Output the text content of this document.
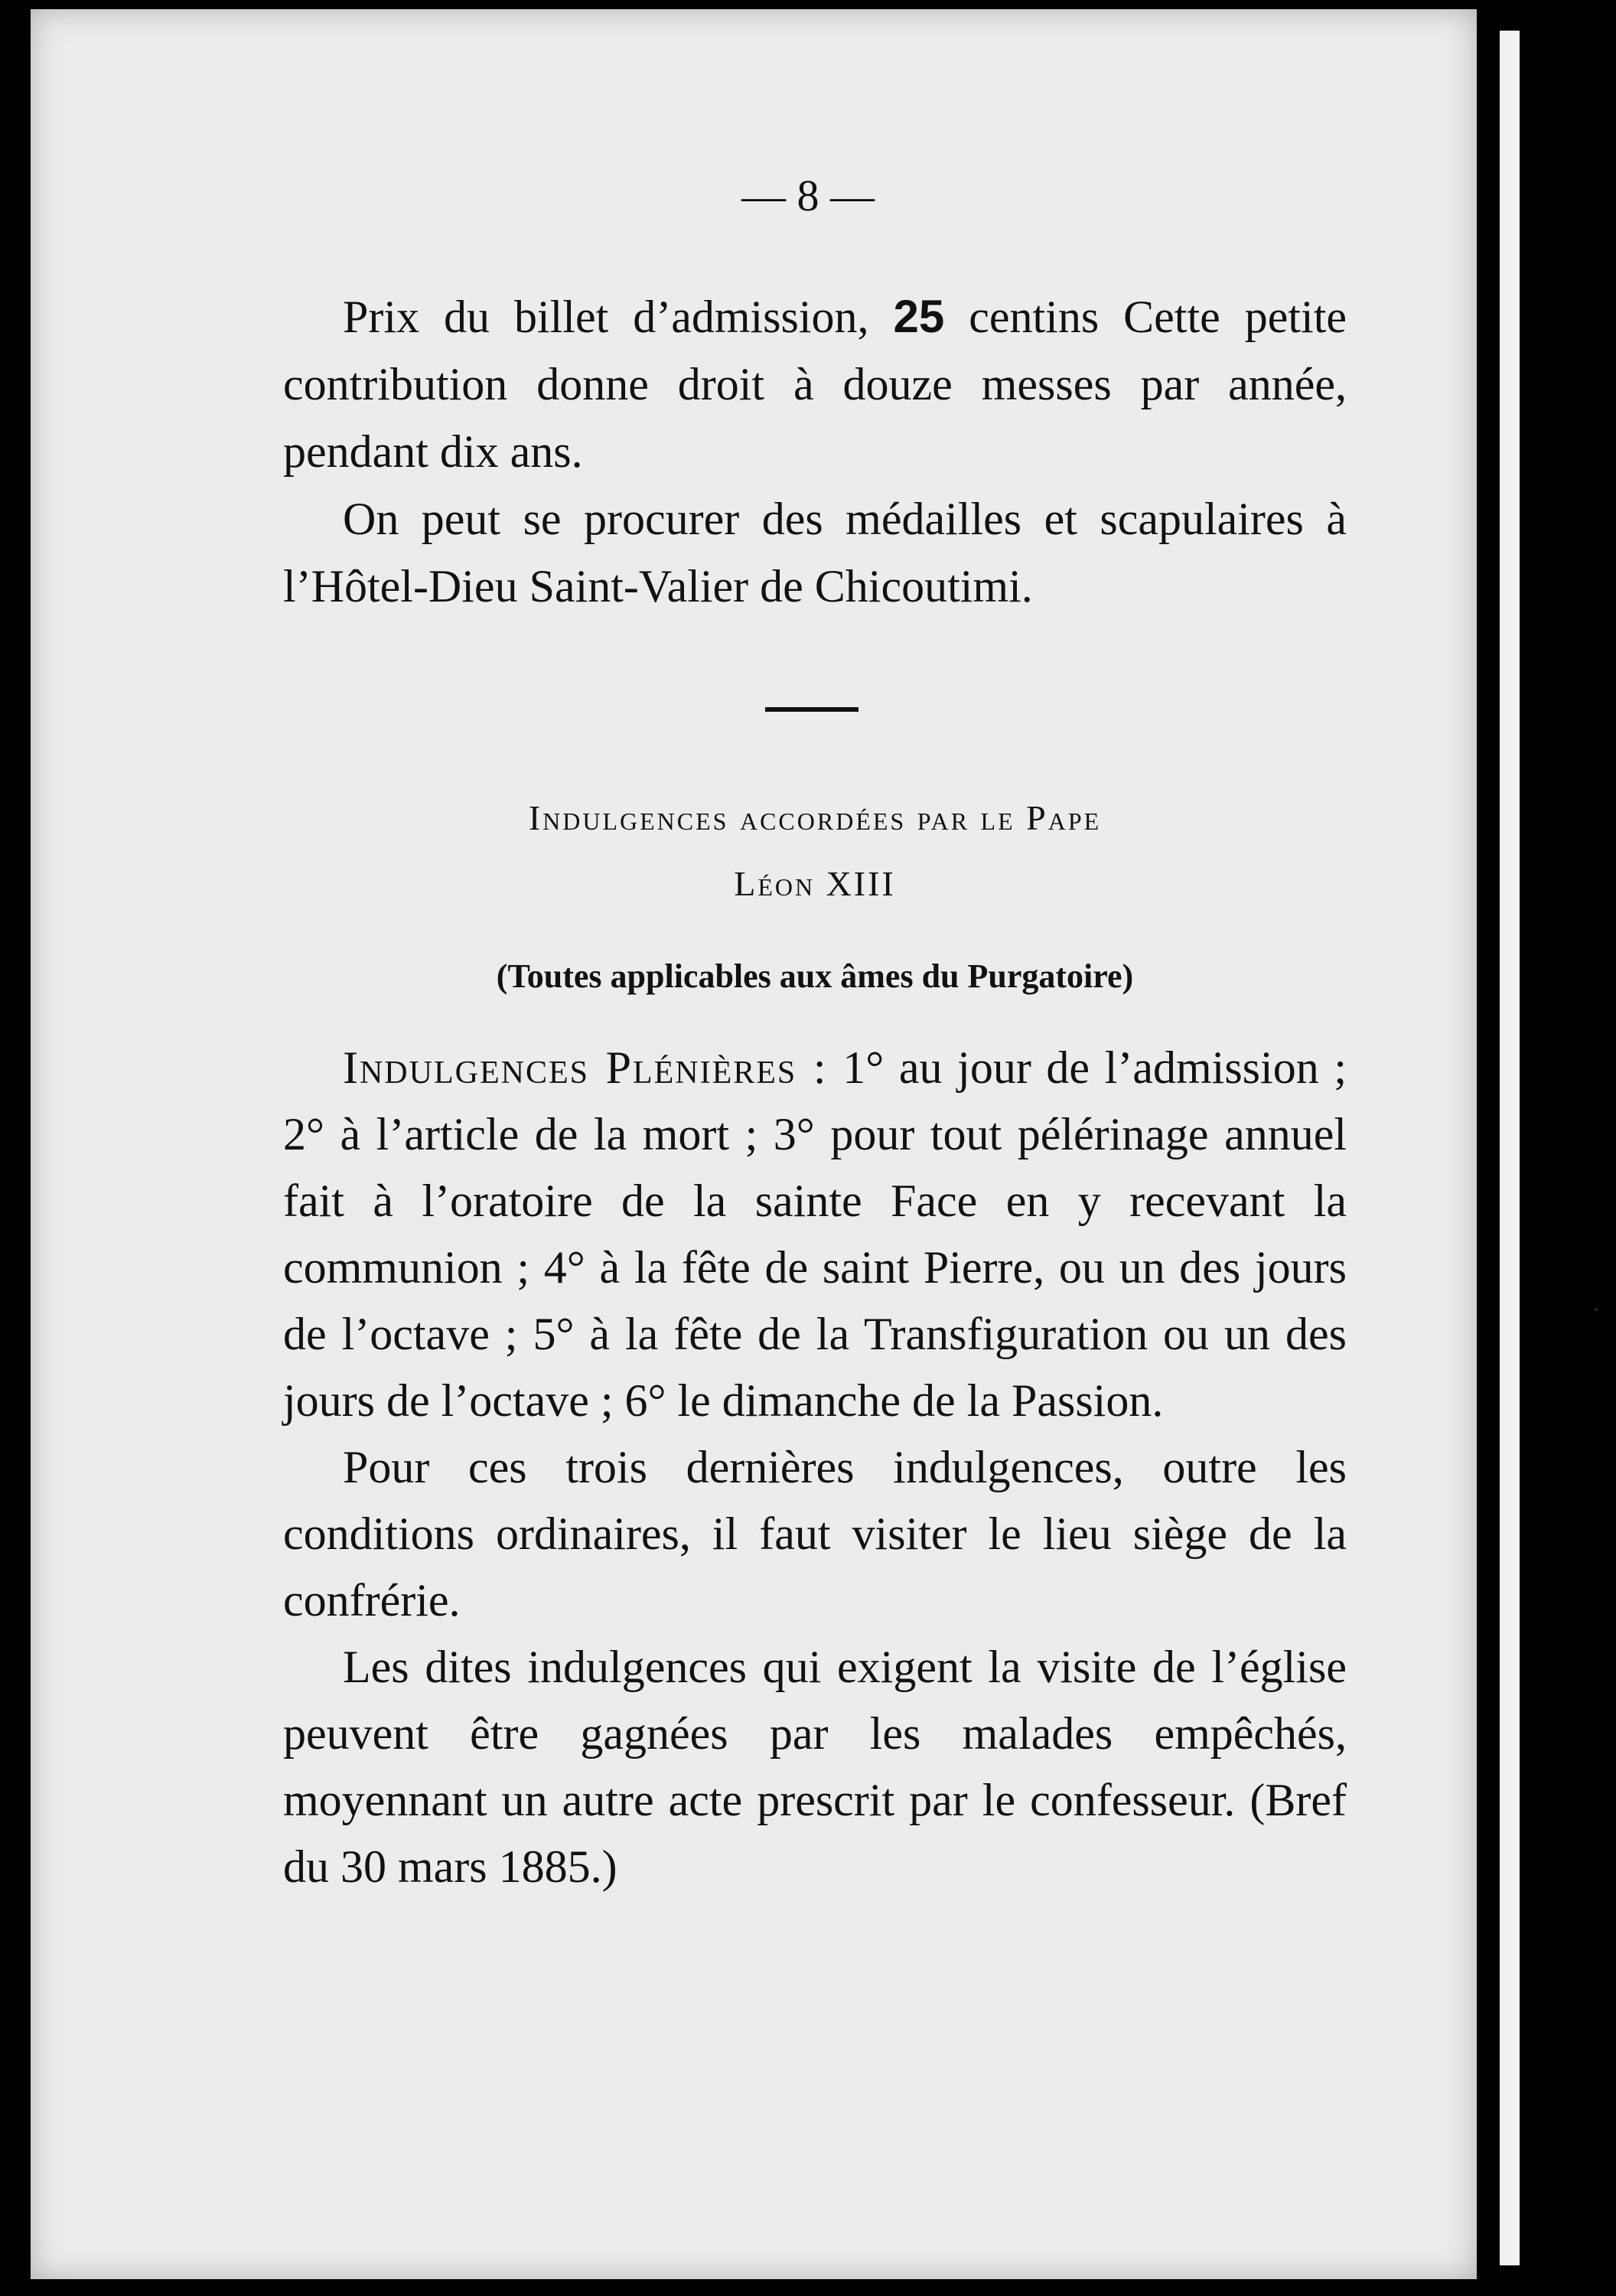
·
— 8 —

Prix du billet d’admission, 25 centins Cette petite contribution donne droit à douze messes par année, pendant dix ans.

On peut se procurer des médailles et scapulaires à l’Hôtel-Dieu Saint-Valier de Chicoutimi.

Indulgences accordées par le Pape
Léon XIII
(Toutes applicables aux âmes du Purgatoire)

Indulgences Plénières : 1° au jour de l’admission ; 2° à l’article de la mort ; 3° pour tout pélérinage annuel fait à l’oratoire de la sainte Face en y recevant la communion ; 4° à la fête de saint Pierre, ou un des jours de l’octave ; 5° à la fête de la Transfiguration ou un des jours de l’octave ; 6° le dimanche de la Passion.

Pour ces trois dernières indulgences, outre les conditions ordinaires, il faut visiter le lieu siège de la confrérie.

Les dites indulgences qui exigent la visite de l’église peuvent être gagnées par les malades empêchés, moyennant un autre acte prescrit par le confesseur. (Bref du 30 mars 1885.)
